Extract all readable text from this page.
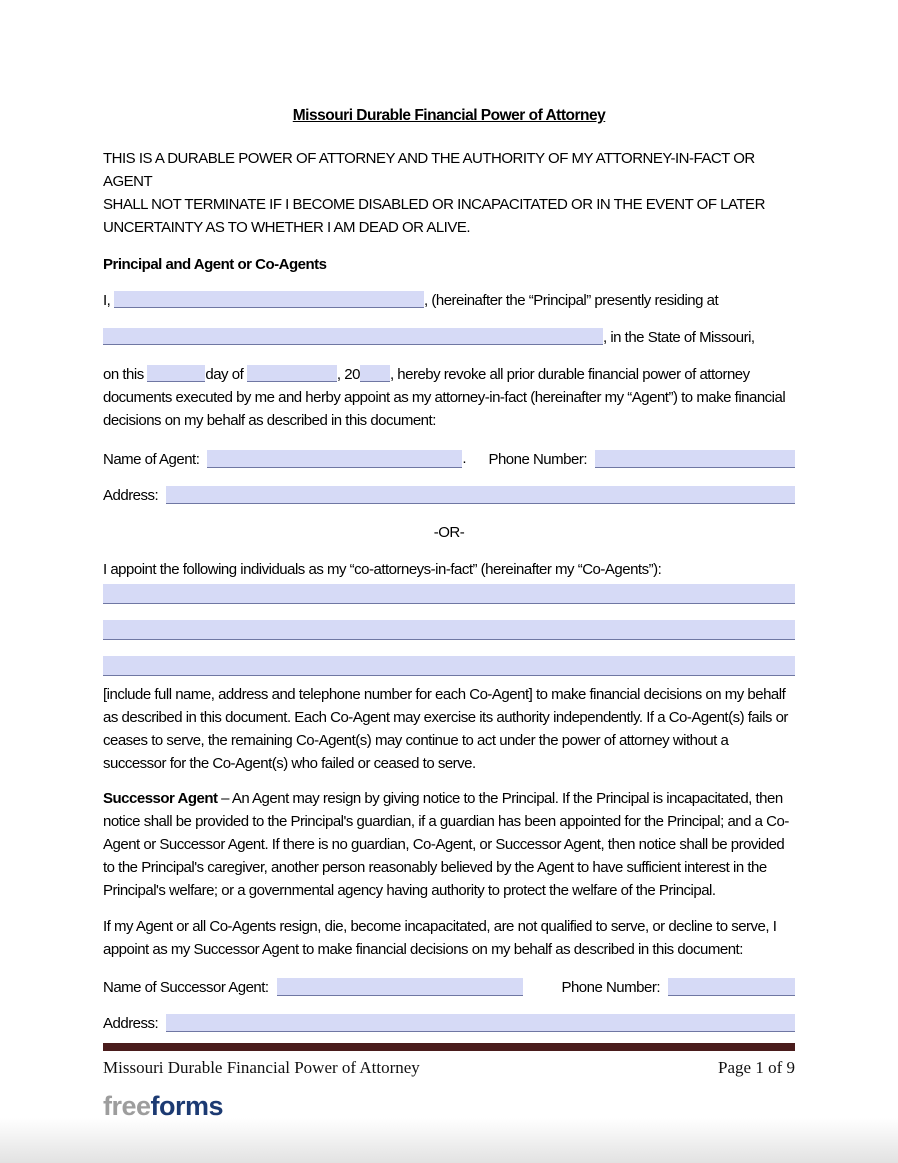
Missouri Durable Financial Power of Attorney

THIS IS A DURABLE POWER OF ATTORNEY AND THE AUTHORITY OF MY ATTORNEY-IN-FACT OR AGENT
SHALL NOT TERMINATE IF I BECOME DISABLED OR INCAPACITATED OR IN THE EVENT OF LATER
UNCERTAINTY AS TO WHETHER I AM DEAD OR ALIVE.

Principal and Agent or Co-Agents

I,	, (hereinafter the “Principal” presently residing at

, in the State of Missouri,

on this	day of	, 20 , hereby revoke all prior durable financial power of attorney documents executed by me and herby appoint as my attorney-in-fact (hereinafter my “Agent”) to make financial decisions on my behalf as described in this document:

Name of Agent:	. Phone Number:
Address:

-OR-

I appoint the following individuals as my “co-attorneys-in-fact” (hereinafter my “Co-Agents”):

[include full name, address and telephone number for each Co-Agent] to make financial decisions on my behalf as described in this document. Each Co-Agent may exercise its authority independently. If a Co-Agent(s) fails or ceases to serve, the remaining Co-Agent(s) may continue to act under the power of attorney without a successor for the Co-Agent(s) who failed or ceased to serve.

Successor Agent – An Agent may resign by giving notice to the Principal. If the Principal is incapacitated, then notice shall be provided to the Principal's guardian, if a guardian has been appointed for the Principal; and a Co-Agent or Successor Agent. If there is no guardian, Co-Agent, or Successor Agent, then notice shall be provided to the Principal's caregiver, another person reasonably believed by the Agent to have sufficient interest in the Principal's welfare; or a governmental agency having authority to protect the welfare of the Principal.

If my Agent or all Co-Agents resign, die, become incapacitated, are not qualified to serve, or decline to serve, I appoint as my Successor Agent to make financial decisions on my behalf as described in this document:

Name of Successor Agent:	Phone Number:
Address:
Missouri Durable Financial Power of Attorney	Page 1 of 9
freeforms
